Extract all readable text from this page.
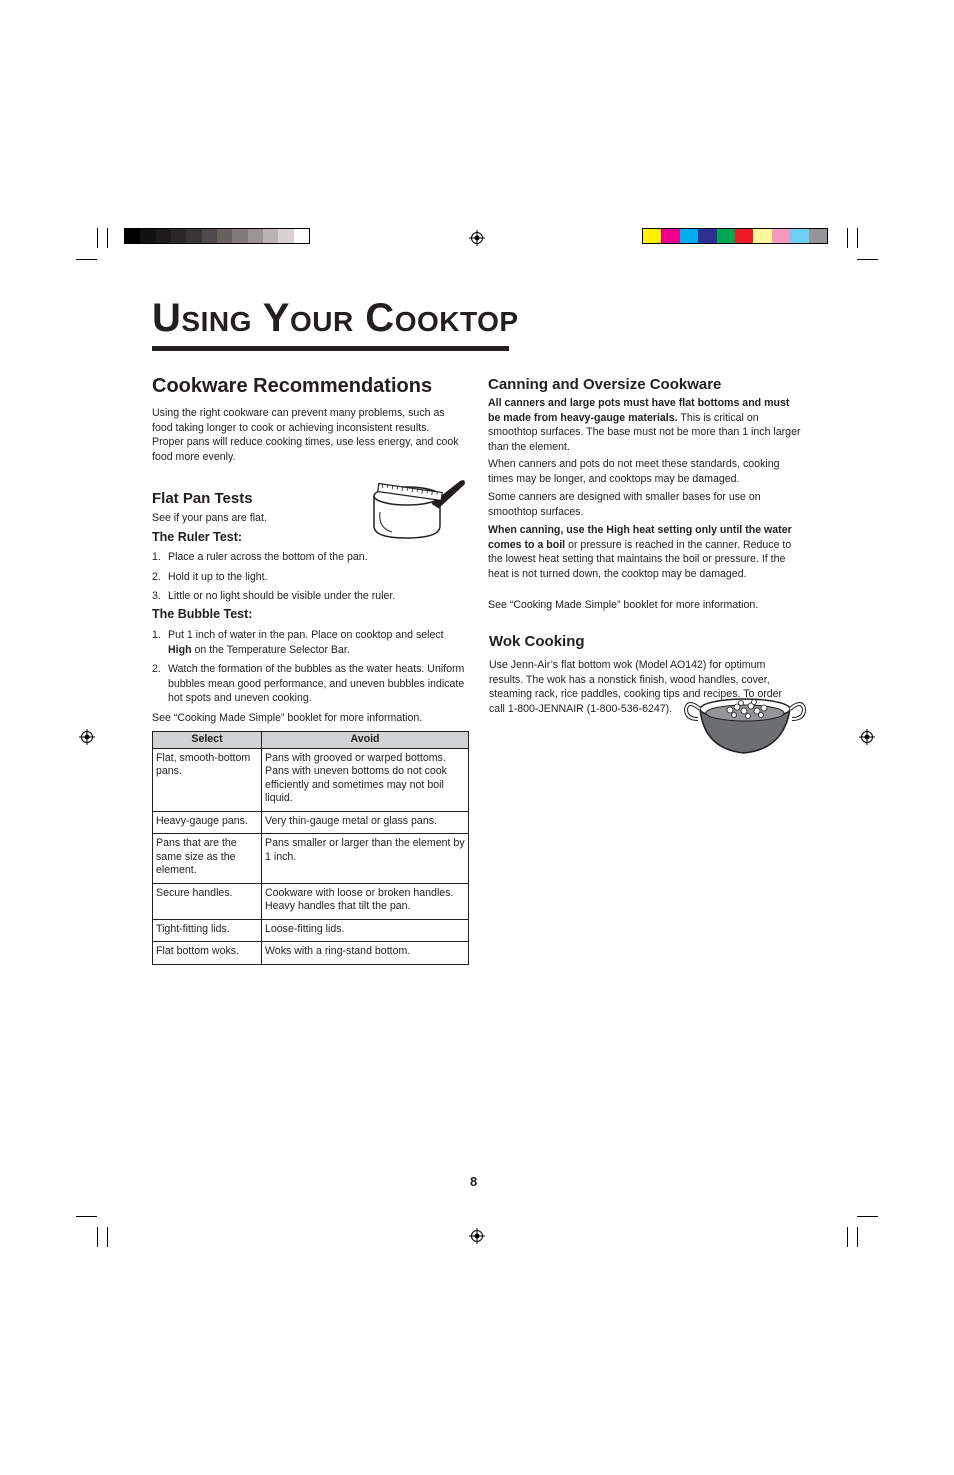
USING YOUR COOKTOP
Cookware Recommendations

Using the right cookware can prevent many problems, such as food taking longer to cook or achieving inconsistent results. Proper pans will reduce cooking times, use less energy, and cook food more evenly.

Flat Pan Tests

See if your pans are flat.

The Ruler Test:
1. Place a ruler across the bottom of the pan.
2. Hold it up to the light.
3. Little or no light should be visible under the ruler.
The Bubble Test:
1. Put 1 inch of water in the pan. Place on cooktop and select High on the Temperature Selector Bar.
2. Watch the formation of the bubbles as the water heats. Uniform bubbles mean good performance, and uneven bubbles indicate hot spots and uneven cooking.

See “Cooking Made Simple” booklet for more information.

Select	Avoid
Flat, smooth-bottom pans.	Pans with grooved or warped bottoms. Pans with uneven bottoms do not cook efficiently and sometimes may not boil liquid.
Heavy-gauge pans.	Very thin-gauge metal or glass pans.
Pans that are the same size as the element.	Pans smaller or larger than the element by 1 inch.
Secure handles.	Cookware with loose or broken handles. Heavy handles that tilt the pan.
Tight-fitting lids.	Loose-fitting lids.
Flat bottom woks.	Woks with a ring-stand bottom.
Canning and Oversize Cookware

All canners and large pots must have flat bottoms and must be made from heavy-gauge materials. This is critical on smoothtop surfaces. The base must not be more than 1 inch larger than the element.

When canners and pots do not meet these standards, cooking times may be longer, and cooktops may be damaged.

Some canners are designed with smaller bases for use on smoothtop surfaces.

When canning, use the High heat setting only until the water comes to a boil or pressure is reached in the canner. Reduce to the lowest heat setting that maintains the boil or pressure. If the heat is not turned down, the cooktop may be damaged.

See “Cooking Made Simple” booklet for more information.

Wok Cooking

Use Jenn-Air’s flat bottom wok (Model AO142) for optimum results. The wok has a nonstick finish, wood handles, cover, steaming rack, rice paddles, cooking tips and recipes. To order call 1-800-JENNAIR (1-800-536-6247).

8
